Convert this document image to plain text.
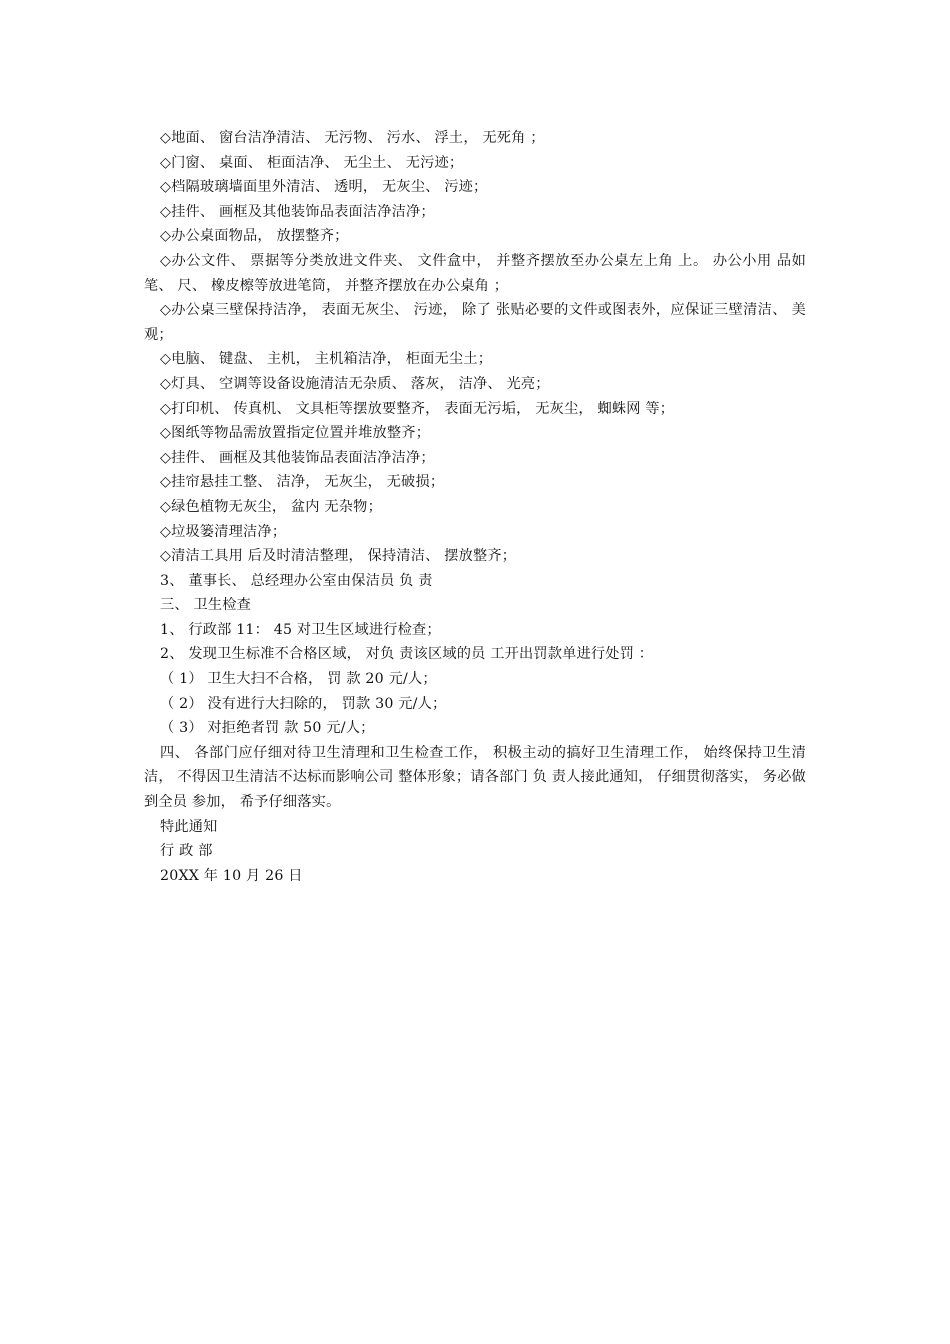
◇地面、 窗台洁净清洁、 无污物、 污水、 浮土， 无死角 ；

◇门窗、 桌面、 柜面洁净、 无尘土、 无污迹；

◇档隔玻璃墙面里外清洁、 透明， 无灰尘、 污迹；

◇挂件、 画框及其他装饰品表面洁净洁净；

◇办公桌面物品， 放摆整齐；

◇办公文件、 票据等分类放进文件夹、 文件盒中， 并整齐摆放至办公桌左上角 上。 办公小用 品如笔、 尺、 橡皮檫等放进笔筒， 并整齐摆放在办公桌角 ；

◇办公桌三壁保持洁净， 表面无灰尘、 污迹， 除了 张贴必要的文件或图表外，应保证三壁清洁、 美观；

◇电脑、 键盘、 主机， 主机箱洁净， 柜面无尘土；

◇灯具、 空调等设备设施清洁无杂质、 落灰， 洁净、 光亮；

◇打印机、 传真机、 文具柜等摆放要整齐， 表面无污垢， 无灰尘， 蜘蛛网 等；

◇图纸等物品需放置指定位置并堆放整齐；

◇挂件、 画框及其他装饰品表面洁净洁净；

◇挂帘悬挂工整、 洁净， 无灰尘， 无破损；

◇绿色植物无灰尘， 盆内 无杂物；

◇垃圾篓清理洁净；

◇清洁工具用 后及时清洁整理， 保持清洁、 摆放整齐；

3、 董事长、 总经理办公室由保洁员 负 责

三、 卫生检查

1、 行政部 11： 45 对卫生区域进行检查；

2、 发现卫生标准不合格区域， 对负 责该区域的员 工开出罚款单进行处罚 ：

（ 1） 卫生大扫不合格， 罚 款 20 元/人；

（ 2） 没有进行大扫除的， 罚款 30 元/人；

（ 3） 对拒绝者罚 款 50 元/人；

四、 各部门应仔细对待卫生清理和卫生检查工作， 积极主动的搞好卫生清理工作， 始终保持卫生清洁， 不得因卫生清洁不达标而影响公司 整体形象；请各部门 负 责人接此通知， 仔细贯彻落实， 务必做到全员 参加， 希予仔细落实。

特此通知

行 政 部

20XX 年 10 月 26 日
